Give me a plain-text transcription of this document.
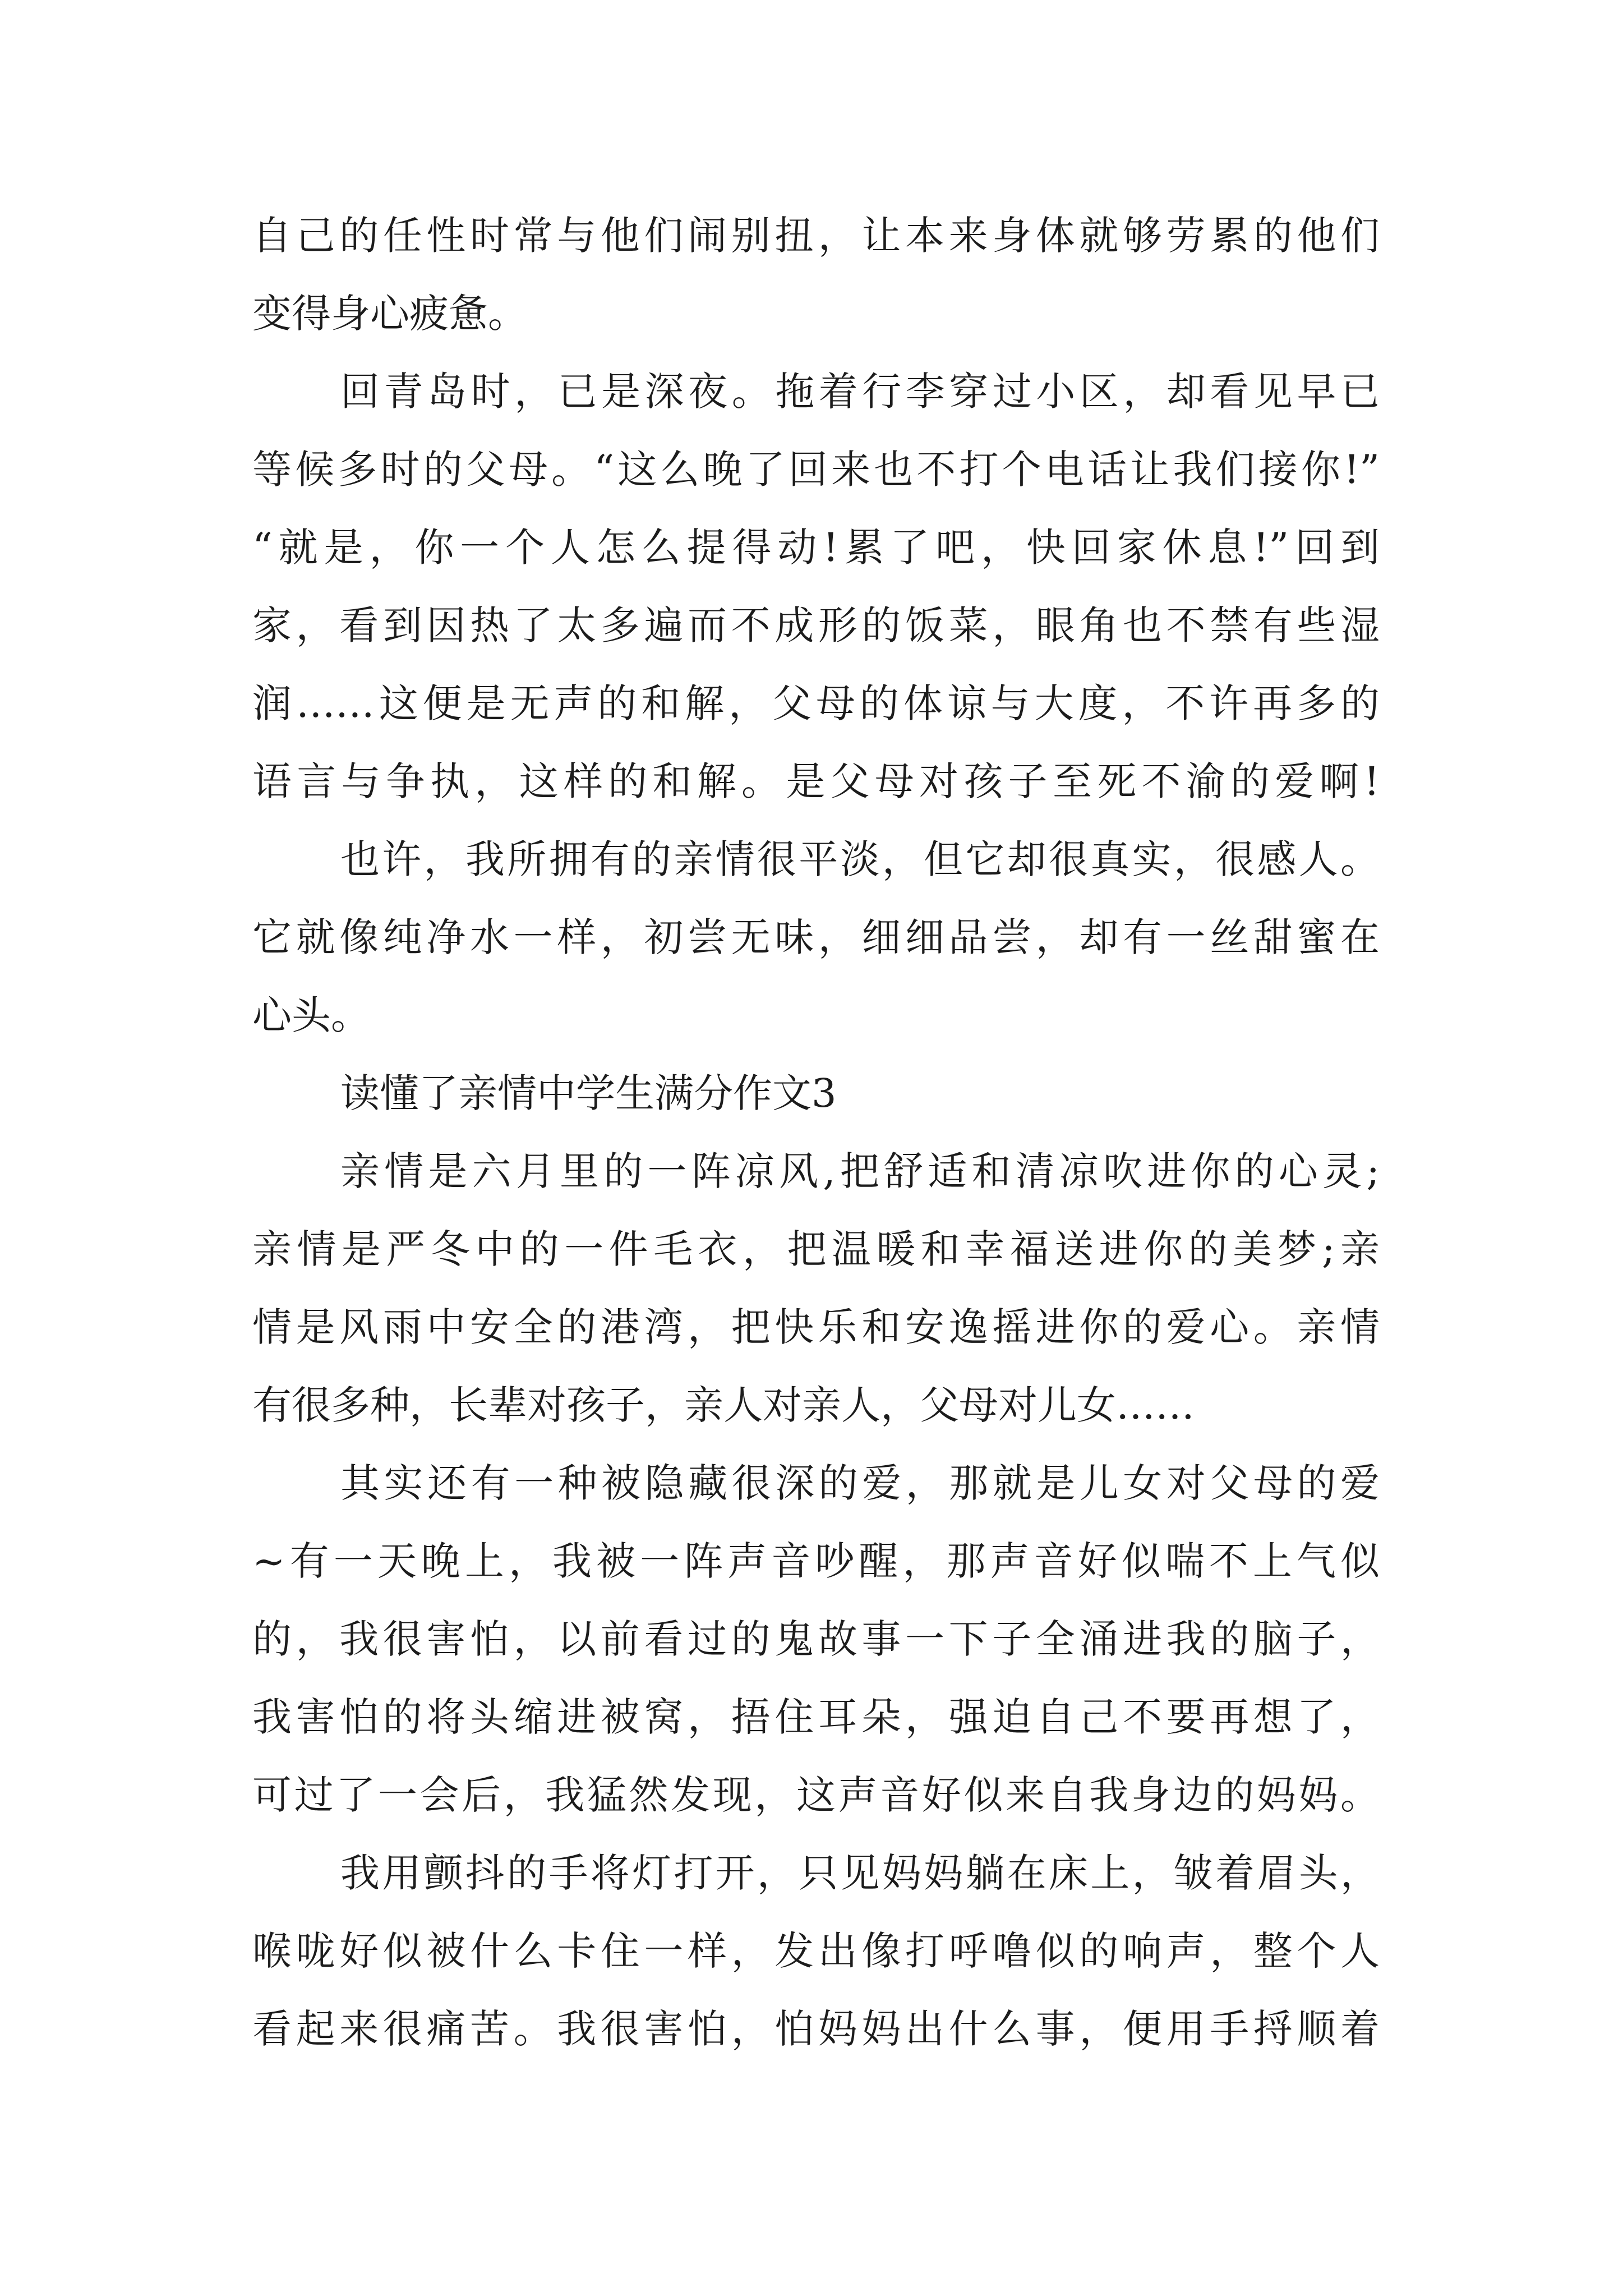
自己的任性时常与他们闹别扭，让本来身体就够劳累的他们
变得身心疲惫。
回青岛时，已是深夜。拖着行李穿过小区，却看见早已
等候多时的父母。“这么晚了回来也不打个电话让我们接你!”
“就是，你一个人怎么提得动!累了吧，快回家休息!”回到
家，看到因热了太多遍而不成形的饭菜，眼角也不禁有些湿
润……这便是无声的和解，父母的体谅与大度，不许再多的
语言与争执，这样的和解。是父母对孩子至死不渝的爱啊!
也许，我所拥有的亲情很平淡，但它却很真实，很感人。
它就像纯净水一样，初尝无味，细细品尝，却有一丝甜蜜在
心头。
读懂了亲情中学生满分作文3
亲情是六月里的一阵凉风,把舒适和清凉吹进你的心灵;
亲情是严冬中的一件毛衣，把温暖和幸福送进你的美梦;亲
情是风雨中安全的港湾，把快乐和安逸摇进你的爱心。亲情
有很多种，长辈对孩子，亲人对亲人，父母对儿女……
其实还有一种被隐藏很深的爱，那就是儿女对父母的爱
~有一天晚上，我被一阵声音吵醒，那声音好似喘不上气似
的，我很害怕，以前看过的鬼故事一下子全涌进我的脑子，
我害怕的将头缩进被窝，捂住耳朵，强迫自己不要再想了，
可过了一会后，我猛然发现，这声音好似来自我身边的妈妈。
我用颤抖的手将灯打开，只见妈妈躺在床上，皱着眉头，
喉咙好似被什么卡住一样，发出像打呼噜似的响声，整个人
看起来很痛苦。我很害怕，怕妈妈出什么事，便用手捋顺着
